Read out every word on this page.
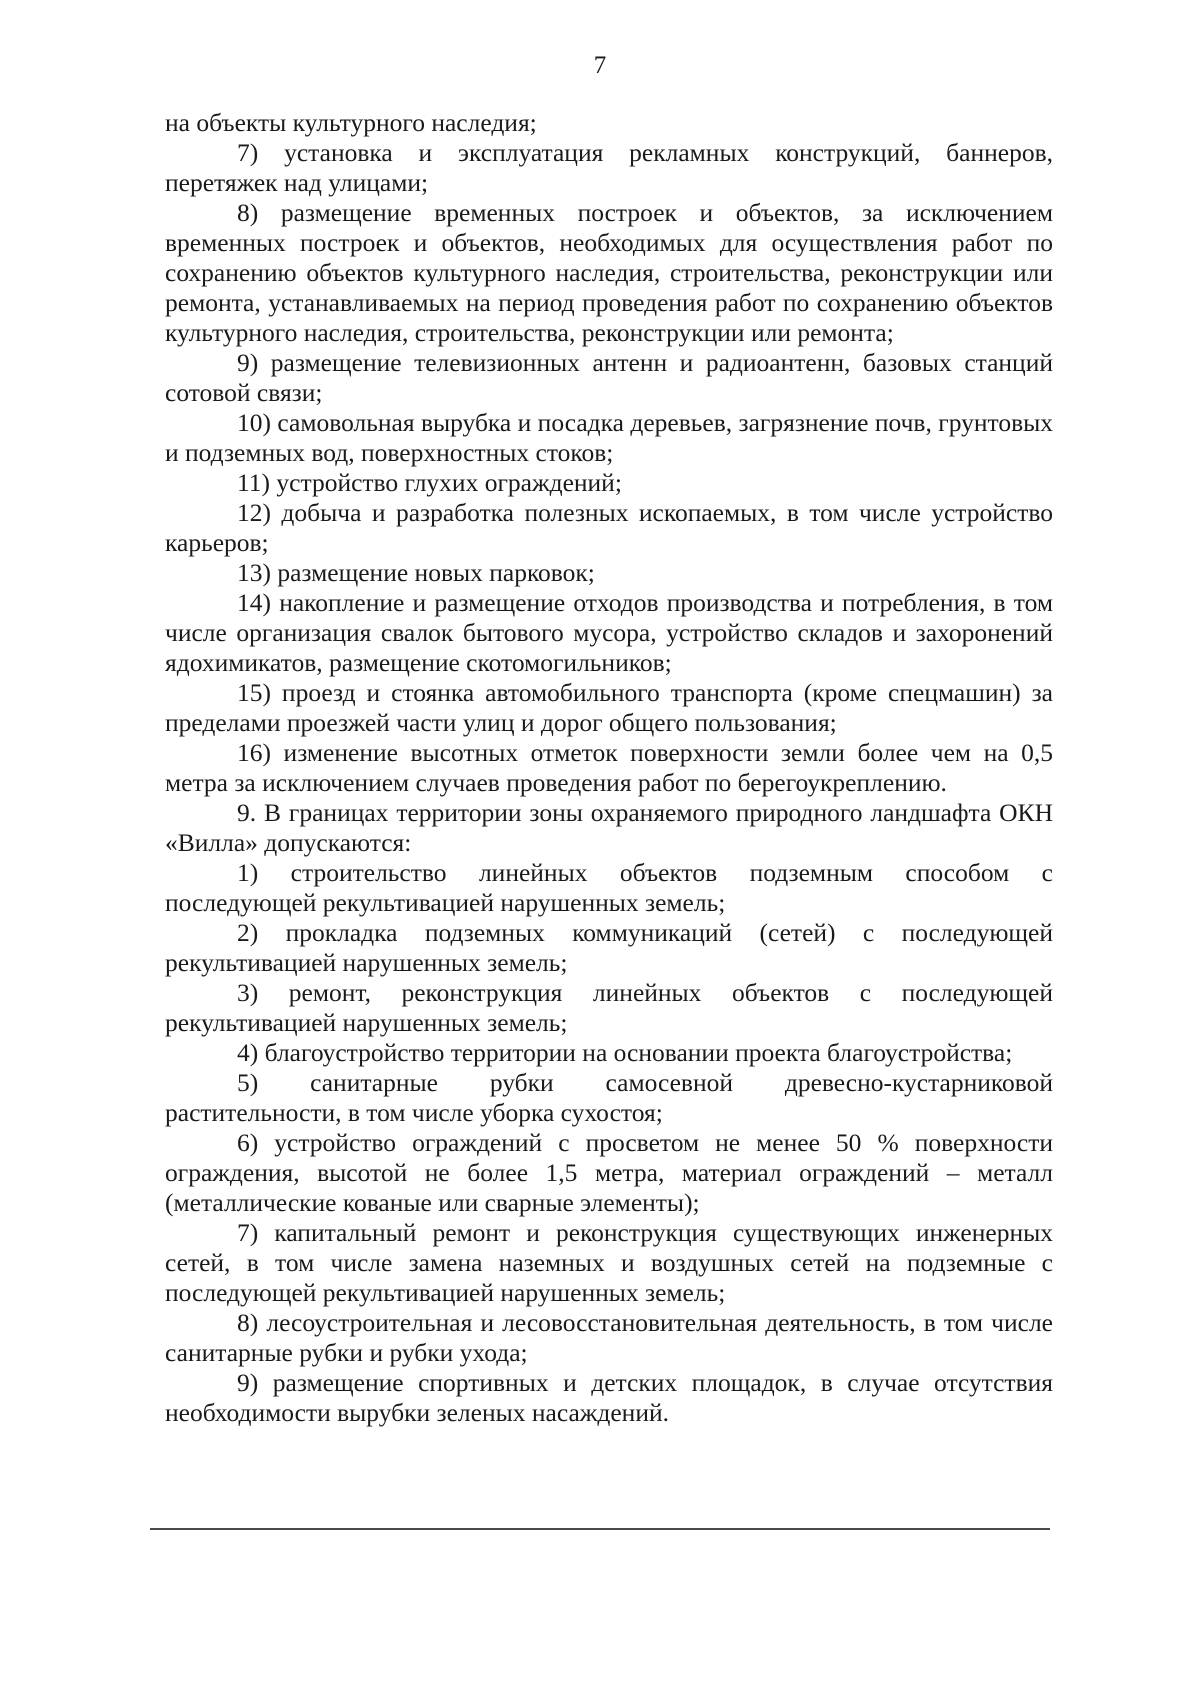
7

на объекты культурного наследия;

7) установка и эксплуатация рекламных конструкций, баннеров, перетяжек над улицами;

8) размещение временных построек и объектов, за исключением временных построек и объектов, необходимых для осуществления работ по сохранению объектов культурного наследия, строительства, реконструкции или ремонта, устанавливаемых на период проведения работ по сохранению объектов культурного наследия, строительства, реконструкции или ремонта;

9) размещение телевизионных антенн и радиоантенн, базовых станций сотовой связи;

10) самовольная вырубка и посадка деревьев, загрязнение почв, грунтовых и подземных вод, поверхностных стоков;

11) устройство глухих ограждений;

12) добыча и разработка полезных ископаемых, в том числе устройство карьеров;

13) размещение новых парковок;

14) накопление и размещение отходов производства и потребления, в том числе организация свалок бытового мусора, устройство складов и захоронений ядохимикатов, размещение скотомогильников;

15) проезд и стоянка автомобильного транспорта (кроме спецмашин) за пределами проезжей части улиц и дорог общего пользования;

16) изменение высотных отметок поверхности земли более чем на 0,5 метра за исключением случаев проведения работ по берегоукреплению.

9. В границах территории зоны охраняемого природного ландшафта ОКН «Вилла» допускаются:

1) строительство линейных объектов подземным способом с последующей рекультивацией нарушенных земель;

2) прокладка подземных коммуникаций (сетей) с последующей рекультивацией нарушенных земель;

3) ремонт, реконструкция линейных объектов с последующей рекультивацией нарушенных земель;

4) благоустройство территории на основании проекта благоустройства;

5) санитарные рубки самосевной древесно-кустарниковой растительности, в том числе уборка сухостоя;

6) устройство ограждений с просветом не менее 50 % поверхности ограждения, высотой не более 1,5 метра, материал ограждений – металл (металлические кованые или сварные элементы);

7) капитальный ремонт и реконструкция существующих инженерных сетей, в том числе замена наземных и воздушных сетей на подземные с последующей рекультивацией нарушенных земель;

8) лесоустроительная и лесовосстановительная деятельность, в том числе санитарные рубки и рубки ухода;

9) размещение спортивных и детских площадок, в случае отсутствия необходимости вырубки зеленых насаждений.
